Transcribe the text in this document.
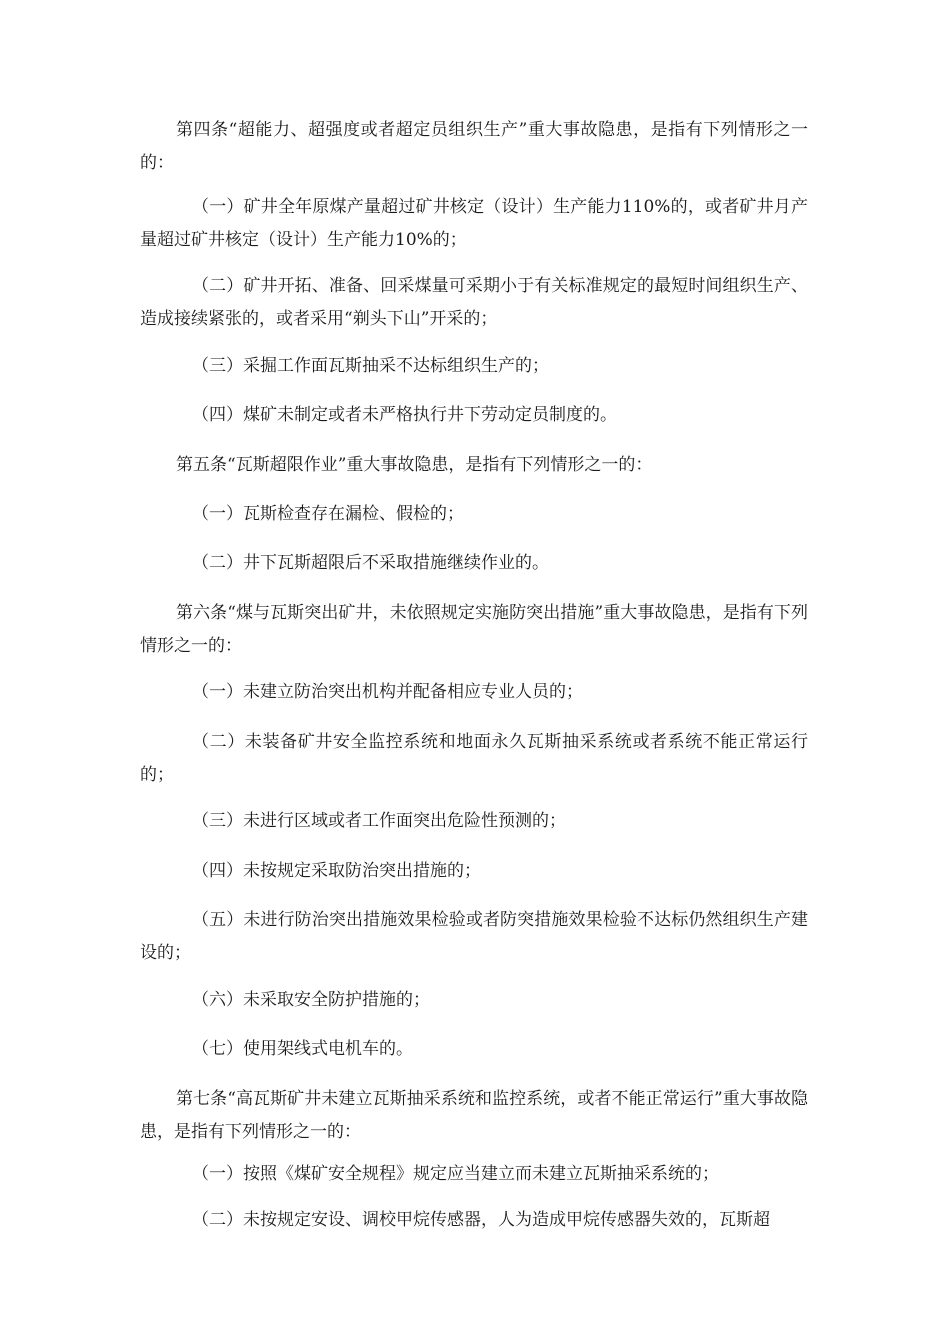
第四条“超能力、超强度或者超定员组织生产”重大事故隐患，是指有下列情形之一的：

（一）矿井全年原煤产量超过矿井核定（设计）生产能力110%的，或者矿井月产量超过矿井核定（设计）生产能力10%的；

（二）矿井开拓、准备、回采煤量可采期小于有关标准规定的最短时间组织生产、造成接续紧张的，或者采用“剃头下山”开采的；

（三）采掘工作面瓦斯抽采不达标组织生产的；

（四）煤矿未制定或者未严格执行井下劳动定员制度的。

第五条“瓦斯超限作业”重大事故隐患，是指有下列情形之一的：

（一）瓦斯检查存在漏检、假检的；

（二）井下瓦斯超限后不采取措施继续作业的。

第六条“煤与瓦斯突出矿井，未依照规定实施防突出措施”重大事故隐患，是指有下列情形之一的：

（一）未建立防治突出机构并配备相应专业人员的；

（二）未装备矿井安全监控系统和地面永久瓦斯抽采系统或者系统不能正常运行的；

（三）未进行区域或者工作面突出危险性预测的；

（四）未按规定采取防治突出措施的；

（五）未进行防治突出措施效果检验或者防突措施效果检验不达标仍然组织生产建设的；

（六）未采取安全防护措施的；

（七）使用架线式电机车的。

第七条“高瓦斯矿井未建立瓦斯抽采系统和监控系统，或者不能正常运行”重大事故隐患，是指有下列情形之一的：

（一）按照《煤矿安全规程》规定应当建立而未建立瓦斯抽采系统的；

（二）未按规定安设、调校甲烷传感器，人为造成甲烷传感器失效的，瓦斯超
